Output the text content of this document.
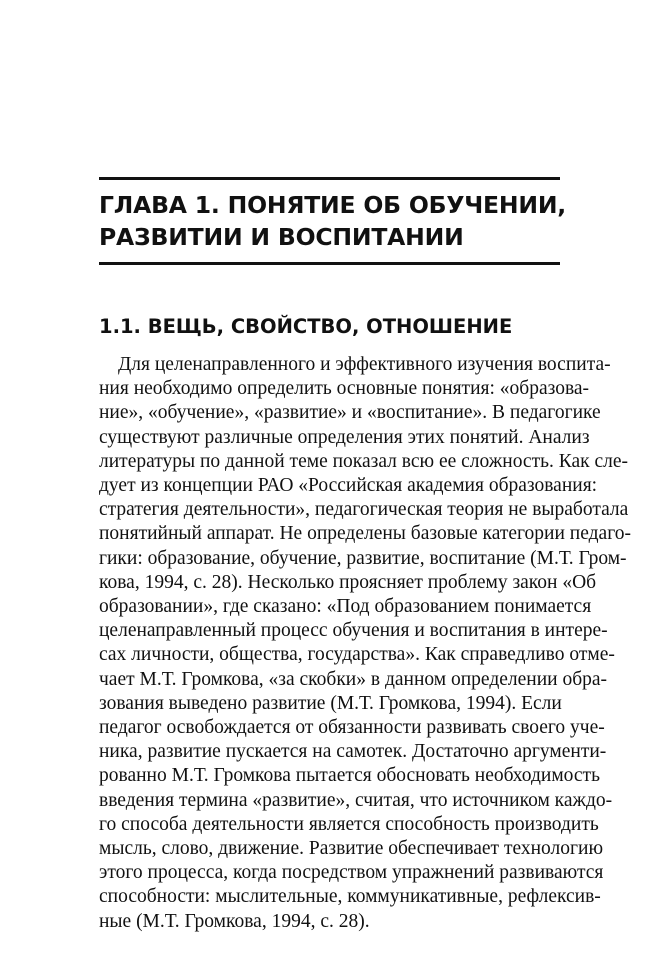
ГЛАВА 1. ПОНЯТИЕ ОБ ОБУЧЕНИИ,
РАЗВИТИИ И ВОСПИТАНИИ
1.1. ВЕЩЬ, СВОЙСТВО, ОТНОШЕНИЕ
Для целенаправленного и эффективного изучения воспита-
ния необходимо определить основные понятия: «образова-
ние», «обучение», «развитие» и «воспитание». В педагогике
существуют различные определения этих понятий. Анализ
литературы по данной теме показал всю ее сложность. Как сле-
дует из концепции РАО «Российская академия образования:
стратегия деятельности», педагогическая теория не выработала
понятийный аппарат. Не определены базовые категории педаго-
гики: образование, обучение, развитие, воспитание (М.Т. Гром-
кова, 1994, с. 28). Несколько проясняет проблему закон «Об
образовании», где сказано: «Под образованием понимается
целенаправленный процесс обучения и воспитания в интере-
сах личности, общества, государства». Как справедливо отме-
чает М.Т. Громкова, «за скобки» в данном определении обра-
зования выведено развитие (М.Т. Громкова, 1994). Если
педагог освобождается от обязанности развивать своего уче-
ника, развитие пускается на самотек. Достаточно аргументи-
рованно М.Т. Громкова пытается обосновать необходимость
введения термина «развитие», считая, что источником каждо-
го способа деятельности является способность производить
мысль, слово, движение. Развитие обеспечивает технологию
этого процесса, когда посредством упражнений развиваются
способности: мыслительные, коммуникативные, рефлексив-
ные (М.Т. Громкова, 1994, с. 28).
